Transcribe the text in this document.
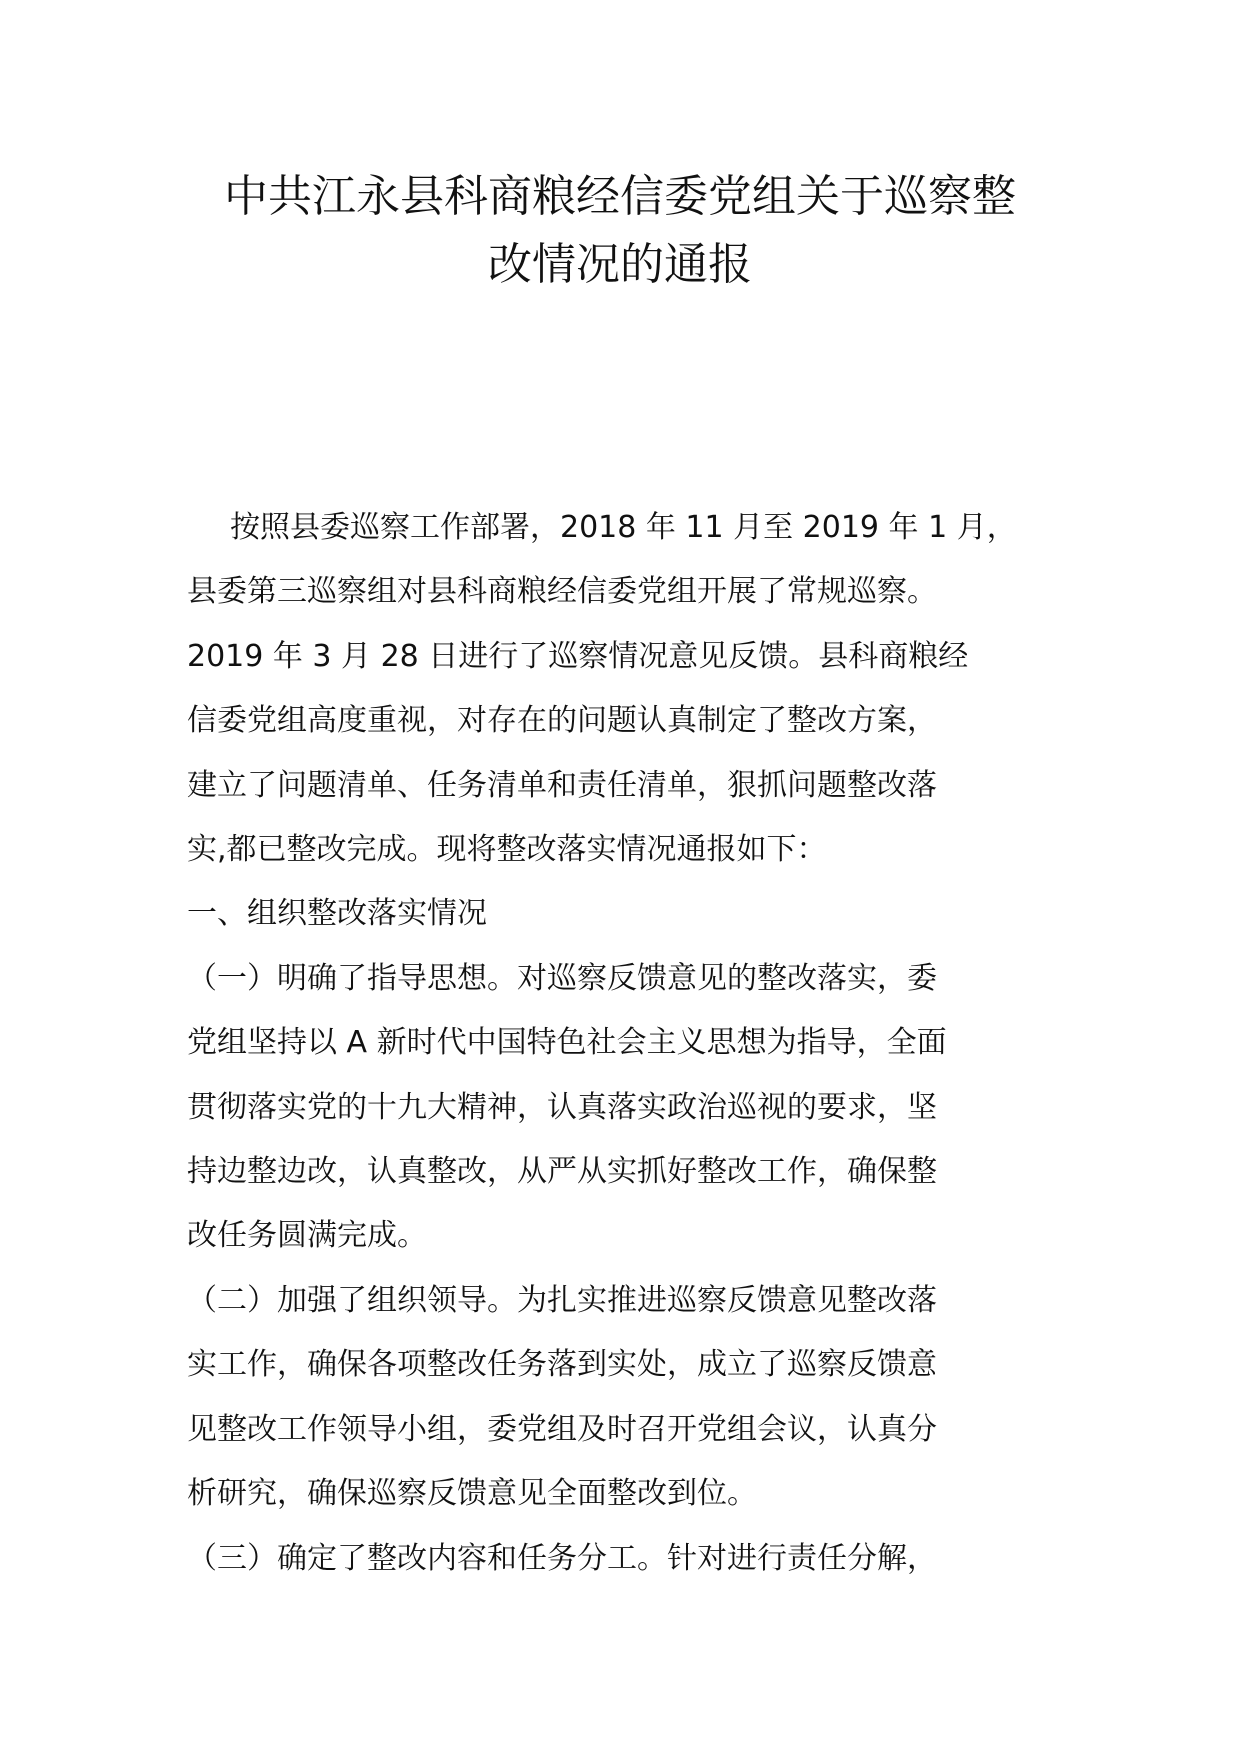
中共江永县科商粮经信委党组关于巡察整
改情况的通报

按照县委巡察工作部署，2018 年 11 月至 2019 年 1 月，
县委第三巡察组对县科商粮经信委党组开展了常规巡察。
2019 年 3 月 28 日进行了巡察情况意见反馈。县科商粮经
信委党组高度重视，对存在的问题认真制定了整改方案，
建立了问题清单、任务清单和责任清单，狠抓问题整改落
实,都已整改完成。现将整改落实情况通报如下：

一、组织整改落实情况

（一）明确了指导思想。对巡察反馈意见的整改落实，委
党组坚持以 A 新时代中国特色社会主义思想为指导，全面
贯彻落实党的十九大精神，认真落实政治巡视的要求，坚
持边整边改，认真整改，从严从实抓好整改工作，确保整
改任务圆满完成。

（二）加强了组织领导。为扎实推进巡察反馈意见整改落
实工作，确保各项整改任务落到实处，成立了巡察反馈意
见整改工作领导小组，委党组及时召开党组会议，认真分
析研究，确保巡察反馈意见全面整改到位。

（三）确定了整改内容和任务分工。针对进行责任分解，
